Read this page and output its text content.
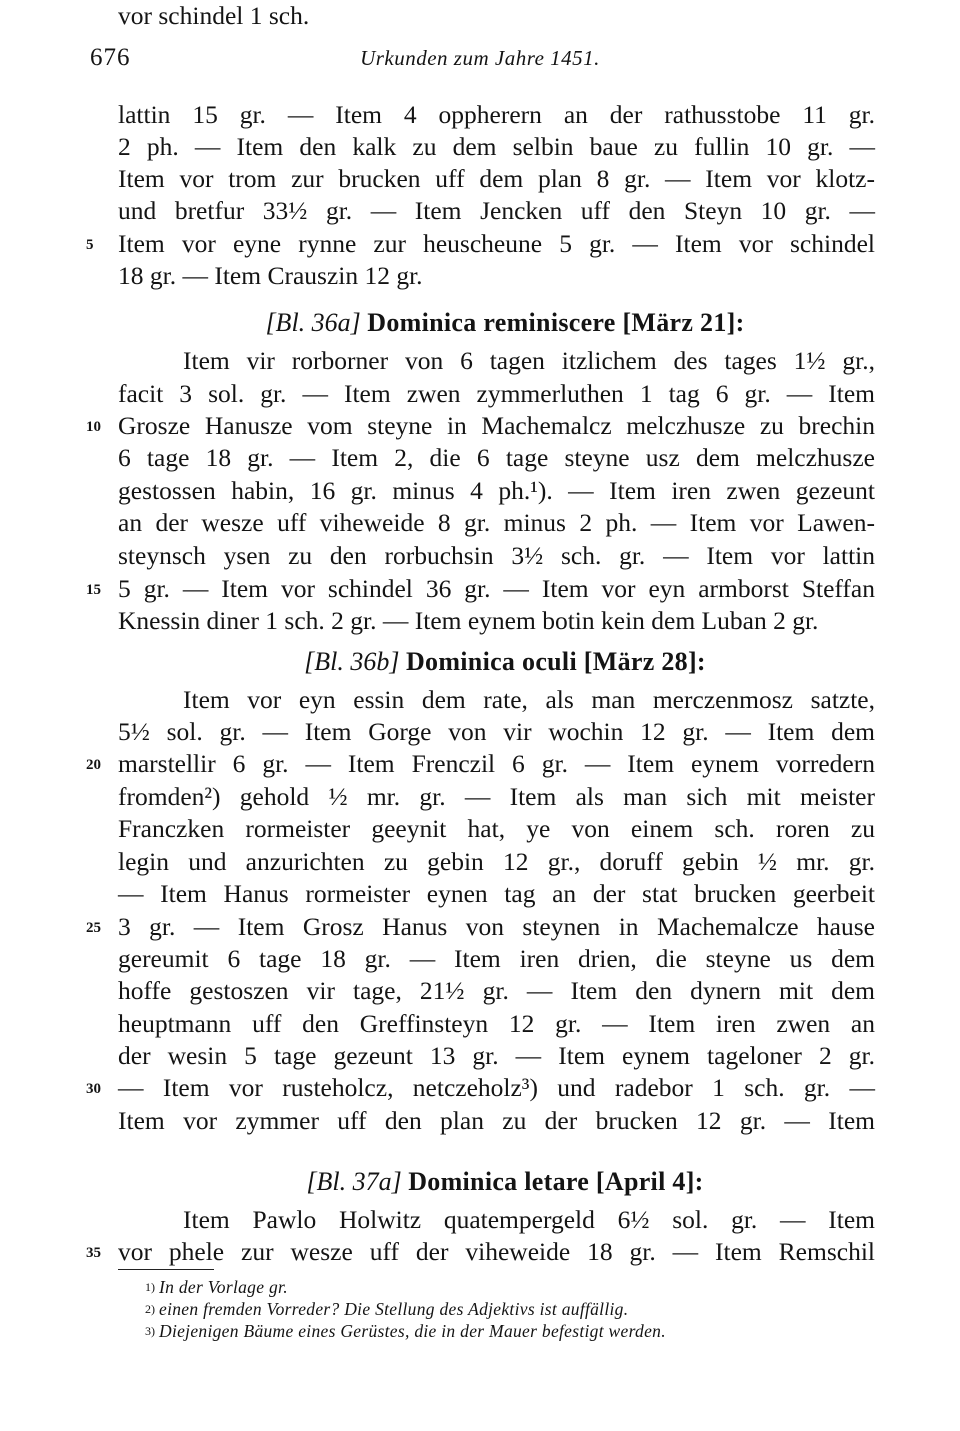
676	Urkunden zum Jahre 1451.
lattin 15 gr. — Item 4 oppherern an der rathusstobe 11 gr.
2 ph. — Item den kalk zu dem selbin baue zu fullin 10 gr. —
Item vor trom zur brucken uff dem plan 8 gr. — Item vor klotz-
und bretfur 33½ gr. — Item Jencken uff den Steyn 10 gr. —
Item vor eyne rynne zur heuscheune 5 gr. — Item vor schindel
5
18 gr. — Item Crauszin 12 gr.
[Bl. 36a] Dominica reminiscere [März 21]:
Item vir rorborner von 6 tagen itzlichem des tages 1½ gr.,
facit 3 sol. gr. — Item zwen zymmerluthen 1 tag 6 gr. — Item
Grosze Hanusze vom steyne in Machemalcz melczhusze zu brechin
10
6 tage 18 gr. — Item 2, die 6 tage steyne usz dem melczhusze
gestossen habin, 16 gr. minus 4 ph.¹). — Item iren zwen gezeunt
an der wesze uff viheweide 8 gr. minus 2 ph. — Item vor Lawen-
steynsch ysen zu den rorbuchsin 3½ sch. gr. — Item vor lattin
5 gr. — Item vor schindel 36 gr. — Item vor eyn armborst Steffan
15
Knessin diner 1 sch. 2 gr. — Item eynem botin kein dem Luban 2 gr.
[Bl. 36b] Dominica oculi [März 28]:
Item vor eyn essin dem rate, als man merczenmosz satzte,
5½ sol. gr. — Item Gorge von vir wochin 12 gr. — Item dem
marstellir 6 gr. — Item Frenczil 6 gr. — Item eynem vorredern
20
fromden²) gehold ½ mr. gr. — Item als man sich mit meister
Franczken rormeister geeynit hat, ye von einem sch. roren zu
legin und anzurichten zu gebin 12 gr., doruff gebin ½ mr. gr.
— Item Hanus rormeister eynen tag an der stat brucken geerbeit
3 gr. — Item Grosz Hanus von steynen in Machemalcze hause
25
gereumit 6 tage 18 gr. — Item iren drien, die steyne us dem
hoffe gestoszen vir tage, 21½ gr. — Item den dynern mit dem
heuptmann uff den Greffinsteyn 12 gr. — Item iren zwen an
der wesin 5 tage gezeunt 13 gr. — Item eynem tageloner 2 gr.
— Item vor rusteholcz, netczeholz³) und radebor 1 sch. gr. —
30
Item vor zymmer uff den plan zu der brucken 12 gr. — Item
vor schindel 1 sch.
[Bl. 37a] Dominica letare [April 4]:
Item Pawlo Holwitz quatempergeld 6½ sol. gr. — Item
vor phele zur wesze uff der viheweide 18 gr. — Item Remschil
35
$^{1)}$ In der Vorlage gr.
$^{2)}$ einen fremden Vorreder? Die Stellung des Adjektivs ist auffällig.
$^{3)}$ Diejenigen Bäume eines Gerüstes, die in der Mauer befestigt werden.
